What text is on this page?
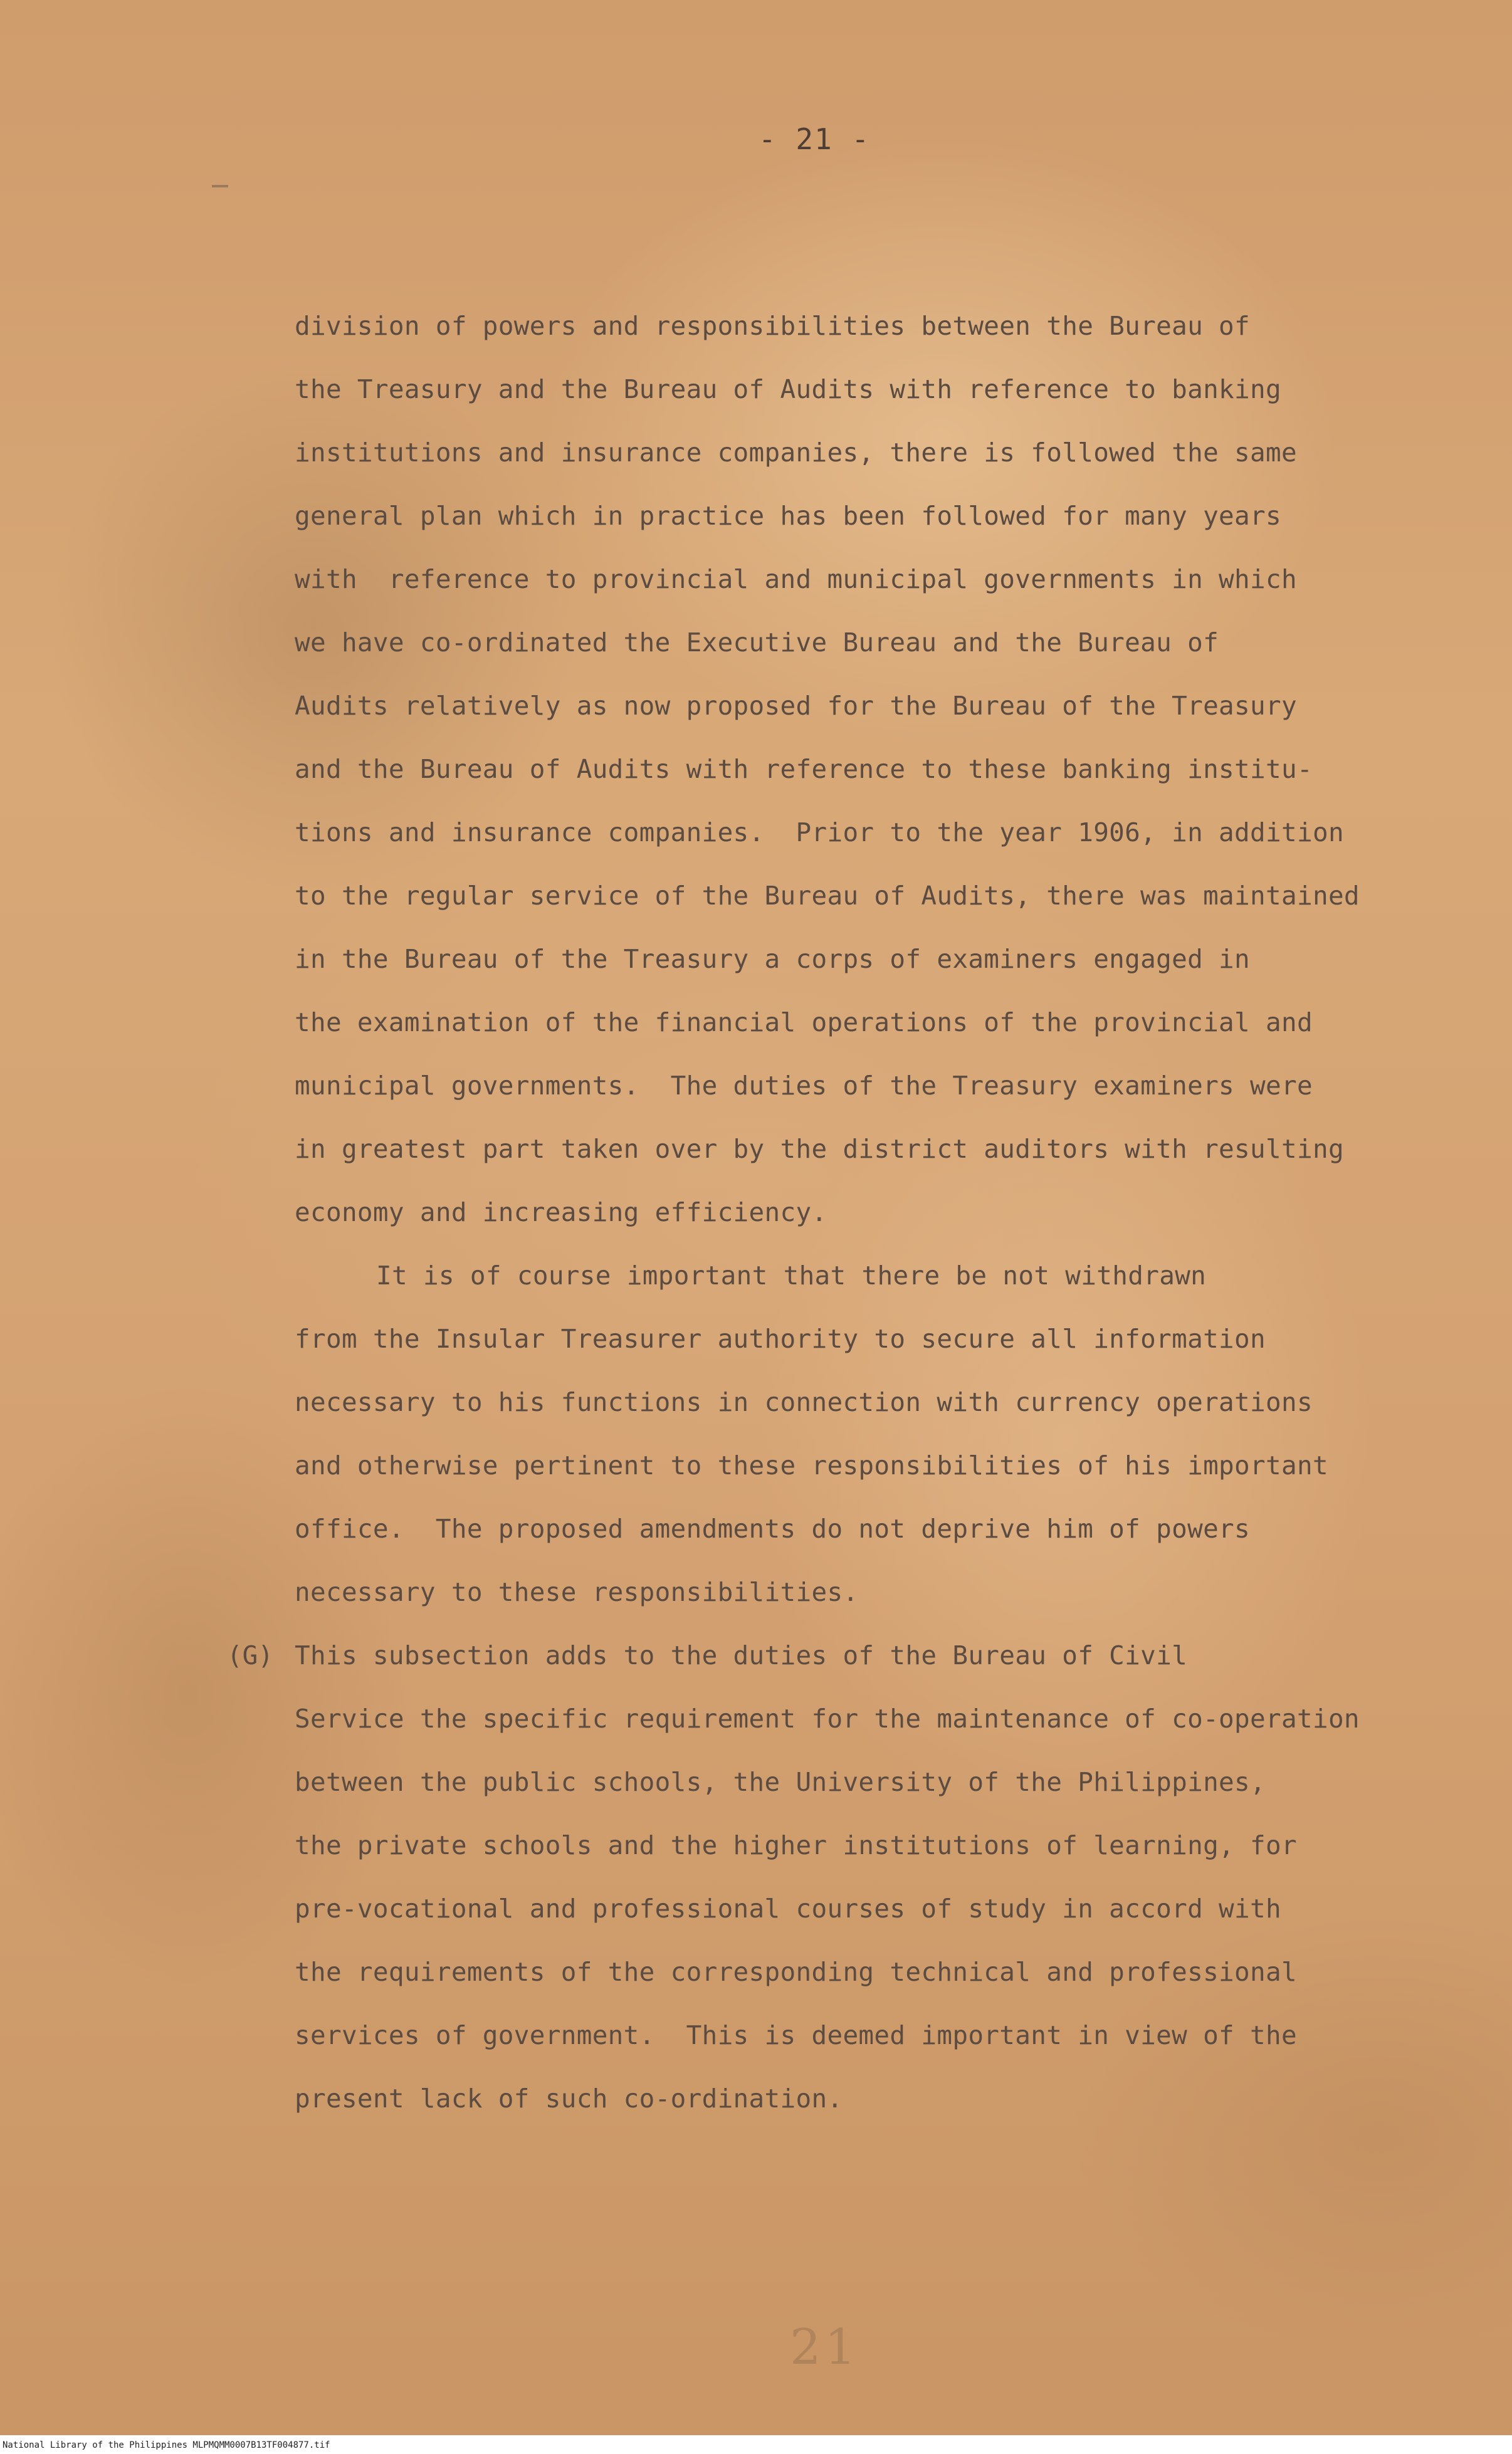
- 21 -
division of powers and responsibilities between the Bureau of
the Treasury and the Bureau of Audits with reference to banking
institutions and insurance companies, there is followed the same
general plan which in practice has been followed for many years
with  reference to provincial and municipal governments in which
we have co-ordinated the Executive Bureau and the Bureau of
Audits relatively as now proposed for the Bureau of the Treasury
and the Bureau of Audits with reference to these banking institu-
tions and insurance companies.  Prior to the year 1906, in addition
to the regular service of the Bureau of Audits, there was maintained
in the Bureau of the Treasury a corps of examiners engaged in
the examination of the financial operations of the provincial and
municipal governments.  The duties of the Treasury examiners were
in greatest part taken over by the district auditors with resulting
economy and increasing efficiency.
It is of course important that there be not withdrawn
from the Insular Treasurer authority to secure all information
necessary to his functions in connection with currency operations
and otherwise pertinent to these responsibilities of his important
office.  The proposed amendments do not deprive him of powers
necessary to these responsibilities.
(G) This subsection adds to the duties of the Bureau of Civil
Service the specific requirement for the maintenance of co-operation
between the public schools, the University of the Philippines,
the private schools and the higher institutions of learning, for
pre-vocational and professional courses of study in accord with
the requirements of the corresponding technical and professional
services of government.  This is deemed important in view of the
present lack of such co-ordination.
21
National Library of the Philippines MLPMQMM0007B13TF004877.tif
